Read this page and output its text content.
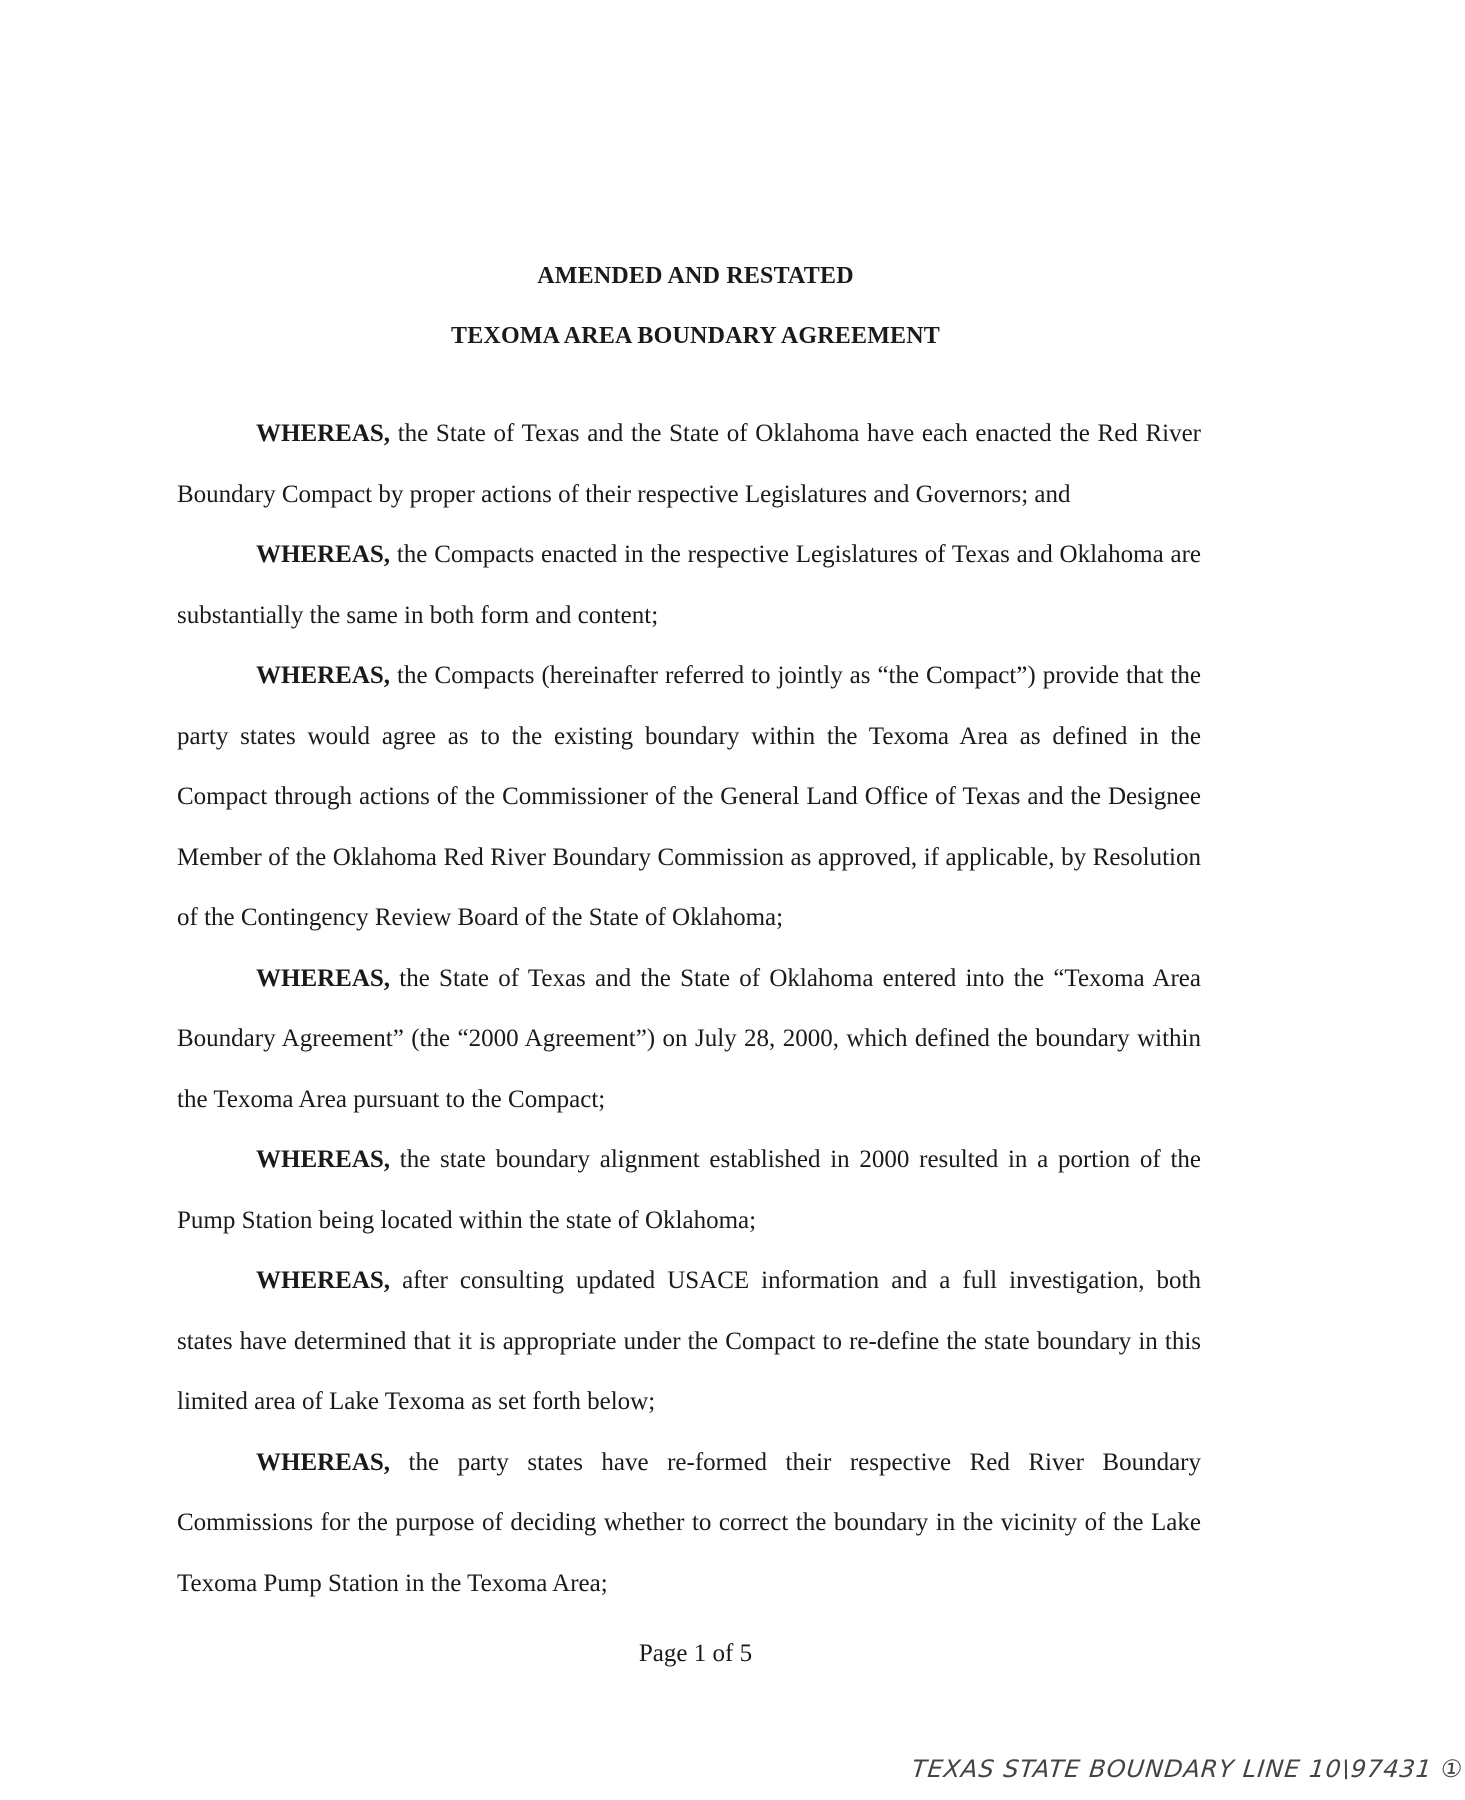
AMENDED AND RESTATED
TEXOMA AREA BOUNDARY AGREEMENT

WHEREAS, the State of Texas and the State of Oklahoma have each enacted the Red River Boundary Compact by proper actions of their respective Legislatures and Governors; and

WHEREAS, the Compacts enacted in the respective Legislatures of Texas and Oklahoma are substantially the same in both form and content;

WHEREAS, the Compacts (hereinafter referred to jointly as “the Compact”) provide that the party states would agree as to the existing boundary within the Texoma Area as defined in the Compact through actions of the Commissioner of the General Land Office of Texas and the Designee Member of the Oklahoma Red River Boundary Commission as approved, if applicable, by Resolution of the Contingency Review Board of the State of Oklahoma;

WHEREAS, the State of Texas and the State of Oklahoma entered into the “Texoma Area Boundary Agreement” (the “2000 Agreement”) on July 28, 2000, which defined the boundary within the Texoma Area pursuant to the Compact;

WHEREAS, the state boundary alignment established in 2000 resulted in a portion of the Pump Station being located within the state of Oklahoma;

WHEREAS, after consulting updated USACE information and a full investigation, both states have determined that it is appropriate under the Compact to re-define the state boundary in this limited area of Lake Texoma as set forth below;

WHEREAS, the party states have re-formed their respective Red River Boundary Commissions for the purpose of deciding whether to correct the boundary in the vicinity of the Lake Texoma Pump Station in the Texoma Area;

Page 1 of 5
TEXAS STATE BOUNDARY LINE 10\97431 ①
